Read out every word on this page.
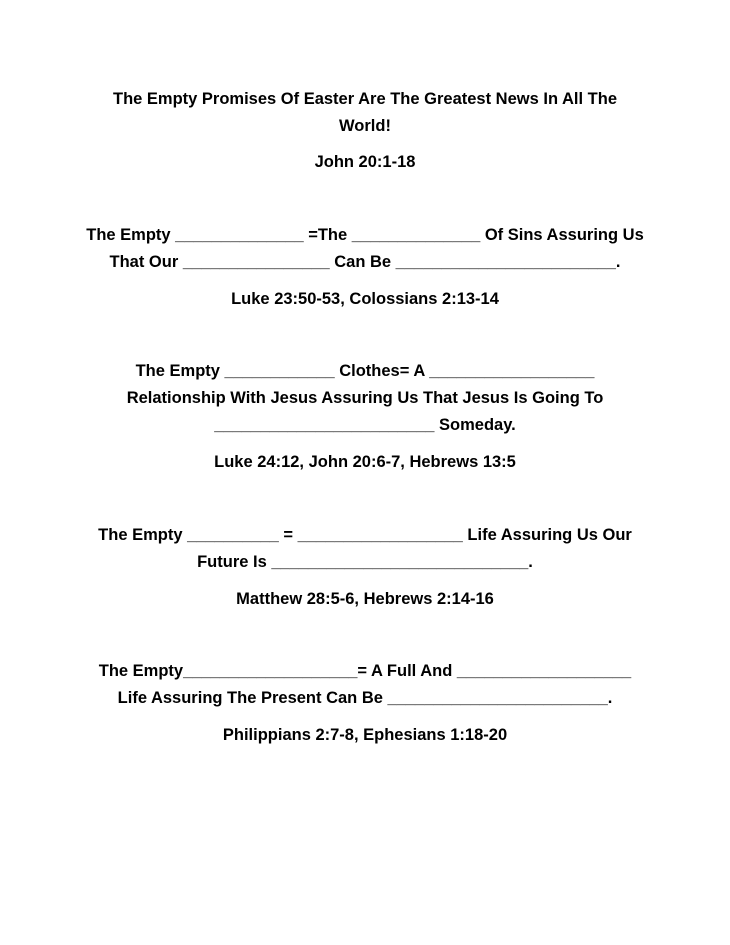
The Empty Promises Of Easter Are The Greatest News In All The
World!
John 20:1-18
The Empty ______________ =The ______________ Of Sins Assuring Us
That Our ________________ Can Be ________________________.
Luke 23:50-53, Colossians 2:13-14
The Empty ____________ Clothes= A __________________
Relationship With Jesus Assuring Us That Jesus Is Going To
________________________ Someday.
Luke 24:12, John 20:6-7, Hebrews 13:5
The Empty __________ = __________________ Life Assuring Us Our
Future Is ____________________________.
Matthew 28:5-6, Hebrews 2:14-16
The Empty___________________= A Full And ___________________
Life Assuring The Present Can Be ________________________.
Philippians 2:7-8, Ephesians 1:18-20
